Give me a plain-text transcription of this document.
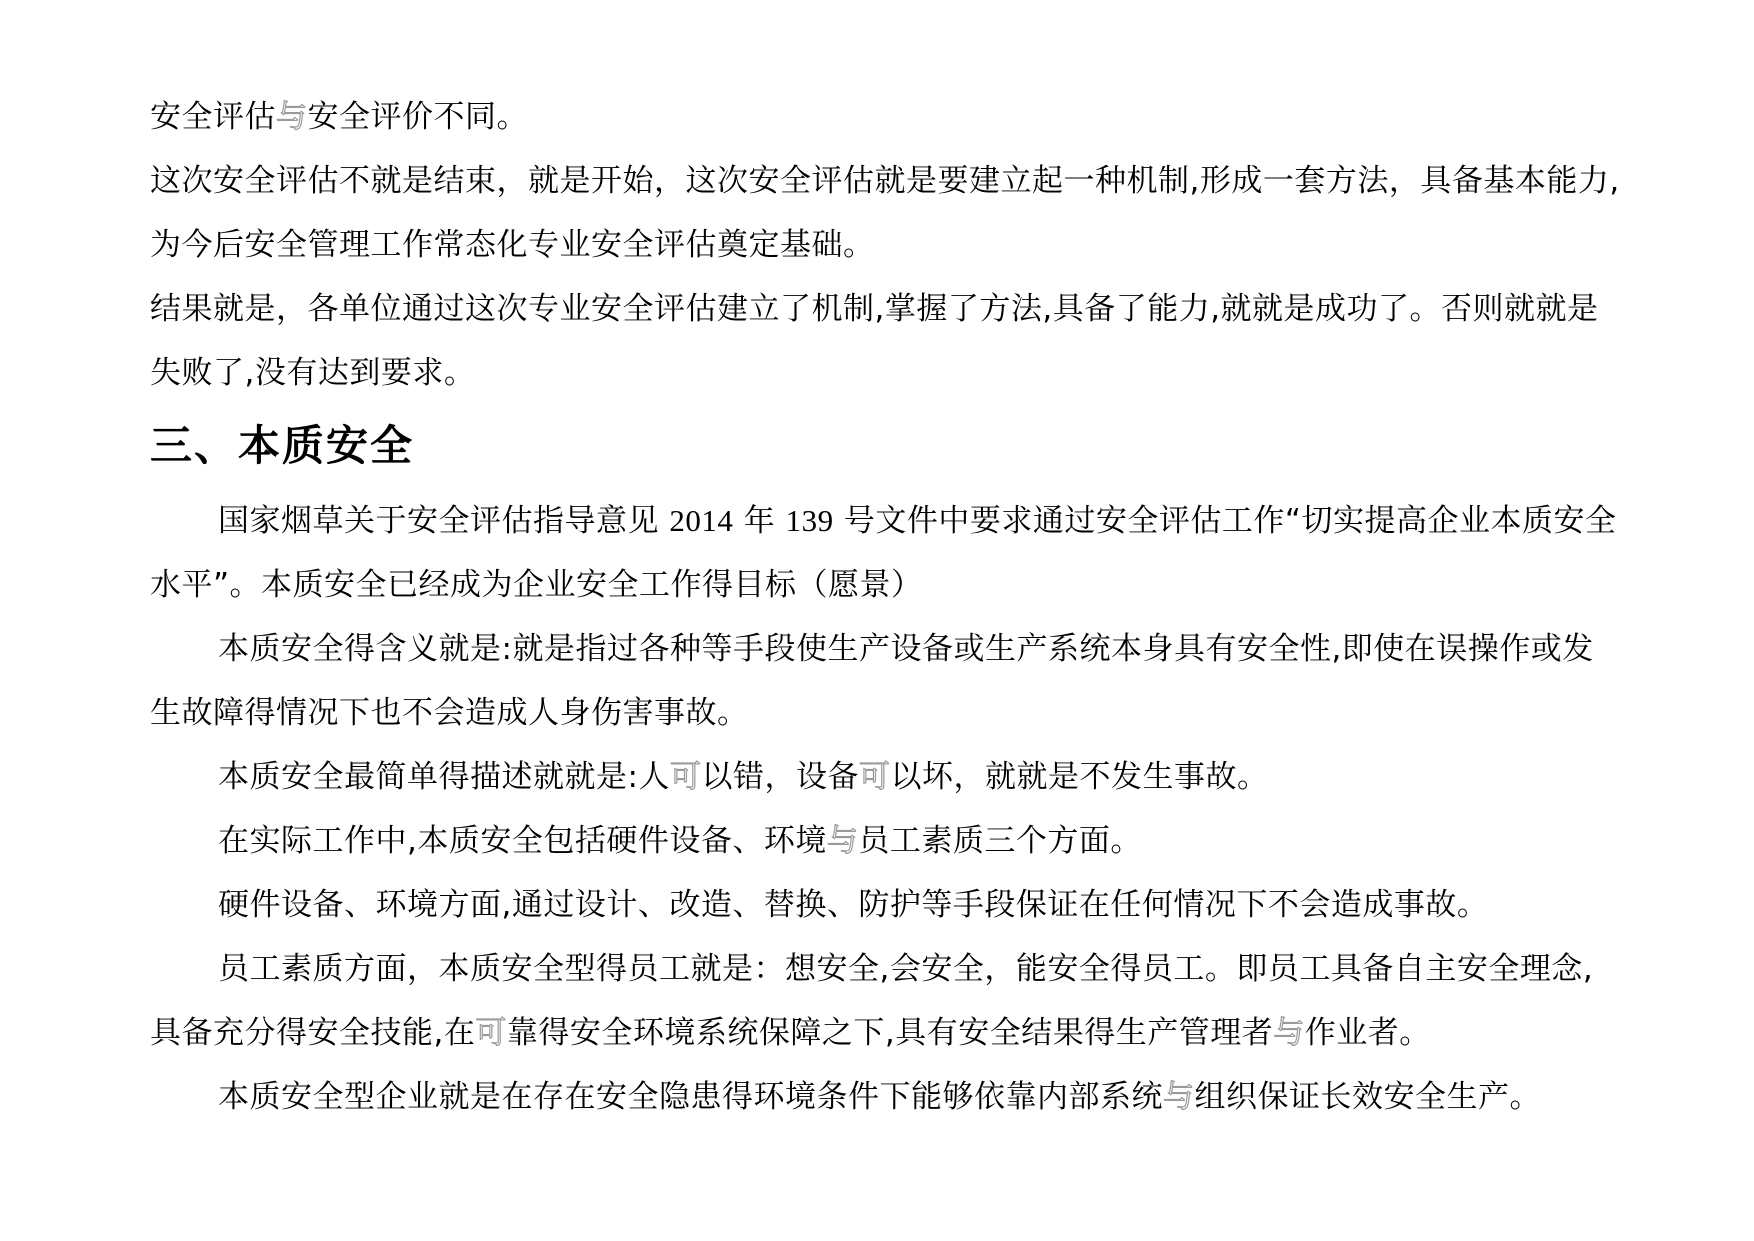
安全评估与安全评价不同。

这次安全评估不就是结束，就是开始，这次安全评估就是要建立起一种机制,形成一套方法，具备基本能力,为今后安全管理工作常态化专业安全评估奠定基础。

结果就是，各单位通过这次专业安全评估建立了机制,掌握了方法,具备了能力,就就是成功了。否则就就是失败了,没有达到要求。

三、本质安全

国家烟草关于安全评估指导意见 2014 年 139 号文件中要求通过安全评估工作“切实提高企业本质安全水平”。本质安全已经成为企业安全工作得目标（愿景）

本质安全得含义就是:就是指过各种等手段使生产设备或生产系统本身具有安全性,即使在误操作或发生故障得情况下也不会造成人身伤害事故。

本质安全最简单得描述就就是:人可以错，设备可以坏，就就是不发生事故。

在实际工作中,本质安全包括硬件设备、环境与员工素质三个方面。

硬件设备、环境方面,通过设计、改造、替换、防护等手段保证在任何情况下不会造成事故。

员工素质方面，本质安全型得员工就是：想安全,会安全，能安全得员工。即员工具备自主安全理念,具备充分得安全技能,在可靠得安全环境系统保障之下,具有安全结果得生产管理者与作业者。

本质安全型企业就是在存在安全隐患得环境条件下能够依靠内部系统与组织保证长效安全生产。
